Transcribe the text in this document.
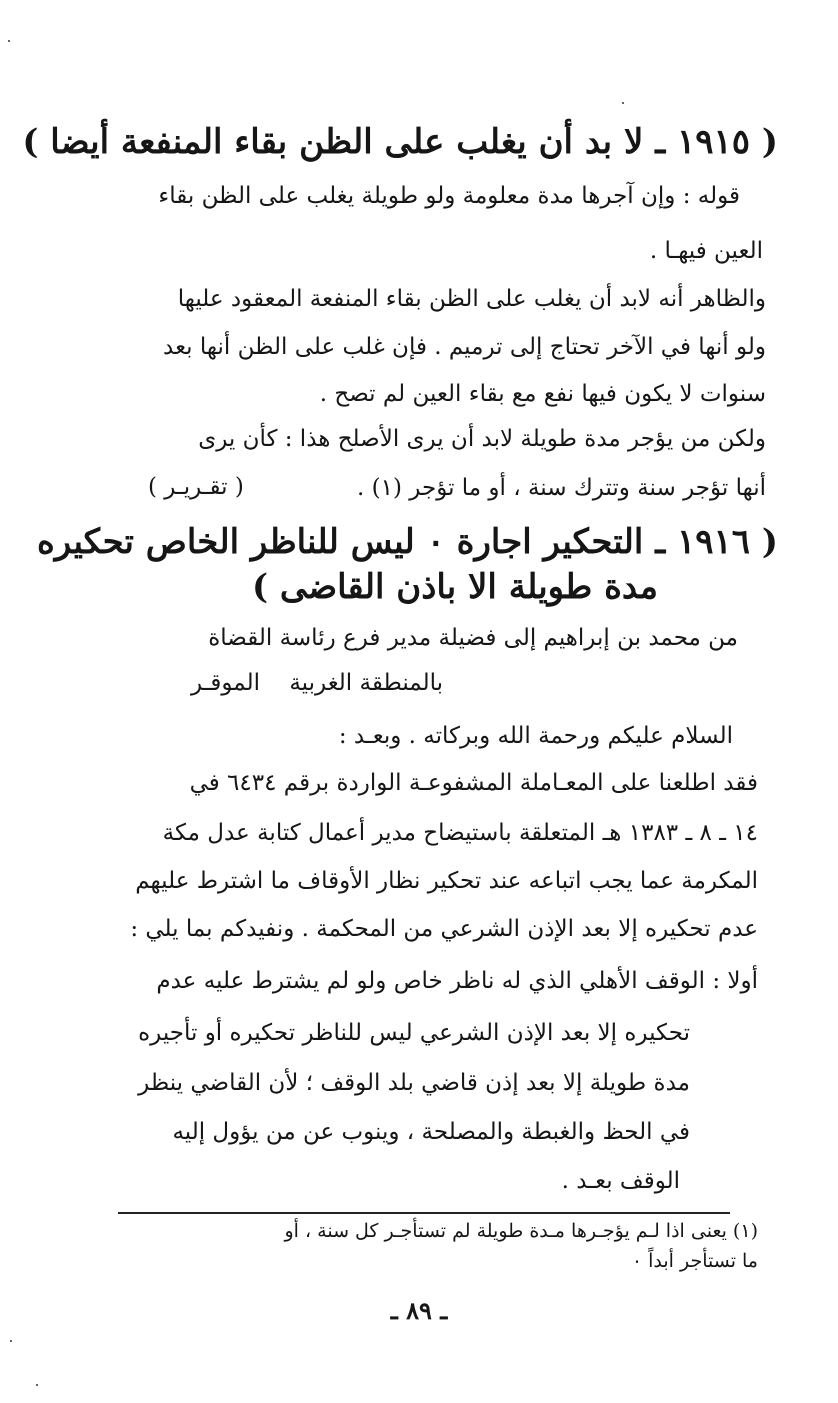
( ١٩١٥ ـ لا بد أن يغلب على الظن بقاء المنفعة أيضا )
قوله : وإن آجرها مدة معلومة ولو طويلة يغلب على الظن بقاء
العين فيهـا .
والظاهر أنه لابد أن يغلب على الظن بقاء المنفعة المعقود عليها
ولو أنها في الآخر تحتاج إلى ترميم . فإن غلب على الظن أنها بعد
سنوات لا يكون فيها نفع مع بقاء العين لم تصح .
ولكن من يؤجر مدة طويلة لابد أن يرى الأصلح هذا : كأن يرى
أنها تؤجر سنة وتترك سنة ، أو ما تؤجر (١) .
( تقـريـر )
( ١٩١٦ ـ التحكير اجارة ٠ ليس للناظر الخاص تحكيره
مدة طويلة الا باذن القاضى )
من محمد بن إبراهيم إلى فضيلة مدير فرع رئاسة القضاة
بالمنطقة الغربية
الموقـر
السلام عليكم ورحمة الله وبركاته . وبعـد :
فقد اطلعنا على المعـاملة المشفوعـة الواردة برقم ٦٤٣٤ في
١٤ ـ ٨ ـ ١٣٨٣ هـ المتعلقة باستيضاح مدير أعمال كتابة عدل مكة
المكرمة عما يجب اتباعه عند تحكير نظار الأوقاف ما اشترط عليهم
عدم تحكيره إلا بعد الإذن الشرعي من المحكمة . ونفيدكم بما يلي :
أولا : الوقف الأهلي الذي له ناظر خاص ولو لم يشترط عليه عدم
تحكيره إلا بعد الإذن الشرعي ليس للناظر تحكيره أو تأجيره
مدة طويلة إلا بعد إذن قاضي بلد الوقف ؛ لأن القاضي ينظر
في الحظ والغبطة والمصلحة ، وينوب عن من يؤول إليه
الوقف بعـد .
(١) يعنى اذا لـم يؤجـرها مـدة طويلة لم تستأجـر كل سنة ، أو
ما تستأجر أبداً ٠
ـ ٨٩ ـ
